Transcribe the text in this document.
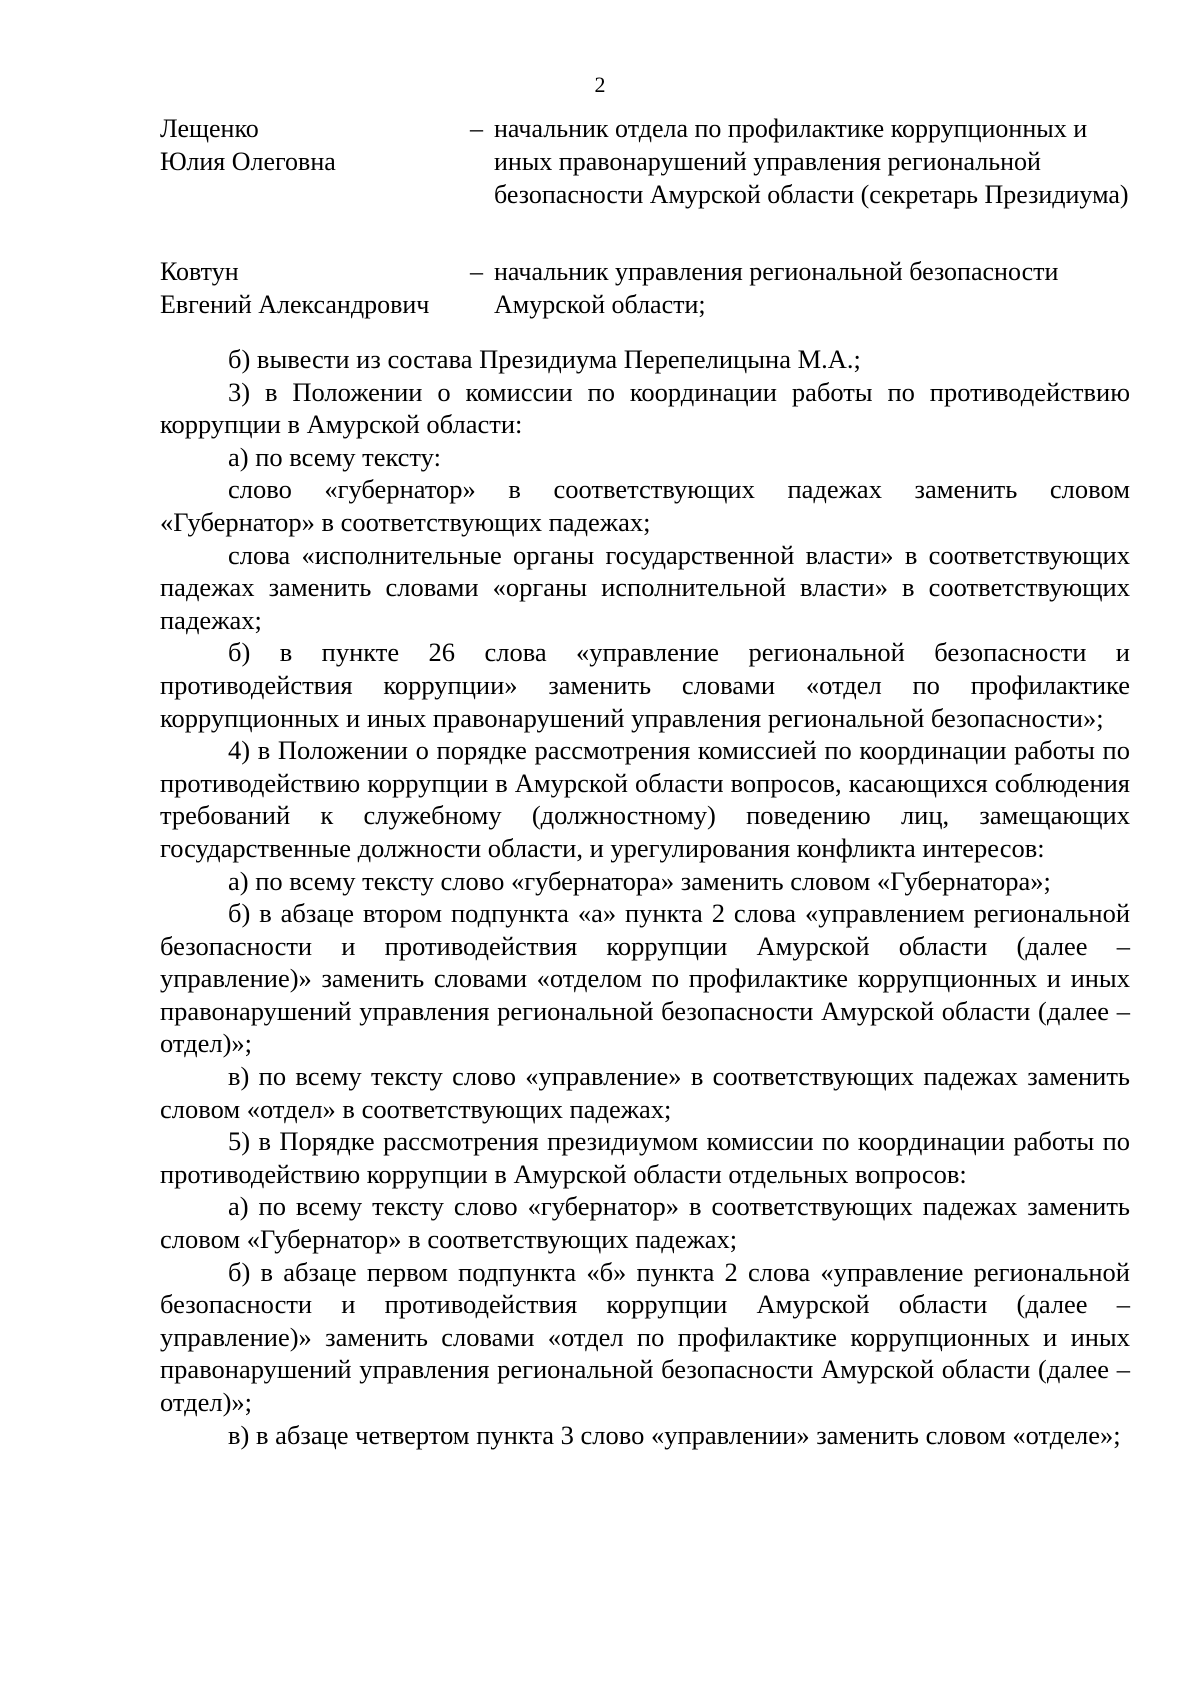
2
Лещенко
Юлия Олеговна
– начальник отдела по профилактике коррупционных и иных правонарушений управления региональной безопасности Амурской области (секретарь Президиума)
Ковтун
Евгений Александрович
– начальник управления региональной безопасности Амурской области;

б) вывести из состава Президиума Перепелицына М.А.;

3) в Положении о комиссии по координации работы по противодействию коррупции в Амурской области:

а) по всему тексту:

слово «губернатор» в соответствующих падежах заменить словом «Губернатор» в соответствующих падежах;

слова «исполнительные органы государственной власти» в соответствующих падежах заменить словами «органы исполнительной власти» в соответствующих падежах;

б) в пункте 26 слова «управление региональной безопасности и противодействия коррупции» заменить словами «отдел по профилактике коррупционных и иных правонарушений управления региональной безопасности»;

4) в Положении о порядке рассмотрения комиссией по координации работы по противодействию коррупции в Амурской области вопросов, касающихся соблюдения требований к служебному (должностному) поведению лиц, замещающих государственные должности области, и урегулирования конфликта интересов:

а) по всему тексту слово «губернатора» заменить словом «Губернатора»;

б) в абзаце втором подпункта «а» пункта 2 слова «управлением региональной безопасности и противодействия коррупции Амурской области (далее – управление)» заменить словами «отделом по профилактике коррупционных и иных правонарушений управления региональной безопасности Амурской области (далее – отдел)»;

в) по всему тексту слово «управление» в соответствующих падежах заменить словом «отдел» в соответствующих падежах;

5) в Порядке рассмотрения президиумом комиссии по координации работы по противодействию коррупции в Амурской области отдельных вопросов:

а) по всему тексту слово «губернатор» в соответствующих падежах заменить словом «Губернатор» в соответствующих падежах;

б) в абзаце первом подпункта «б» пункта 2 слова «управление региональной безопасности и противодействия коррупции Амурской области (далее – управление)» заменить словами «отдел по профилактике коррупционных и иных правонарушений управления региональной безопасности Амурской области (далее – отдел)»;

в) в абзаце четвертом пункта 3 слово «управлении» заменить словом «отделе»;
